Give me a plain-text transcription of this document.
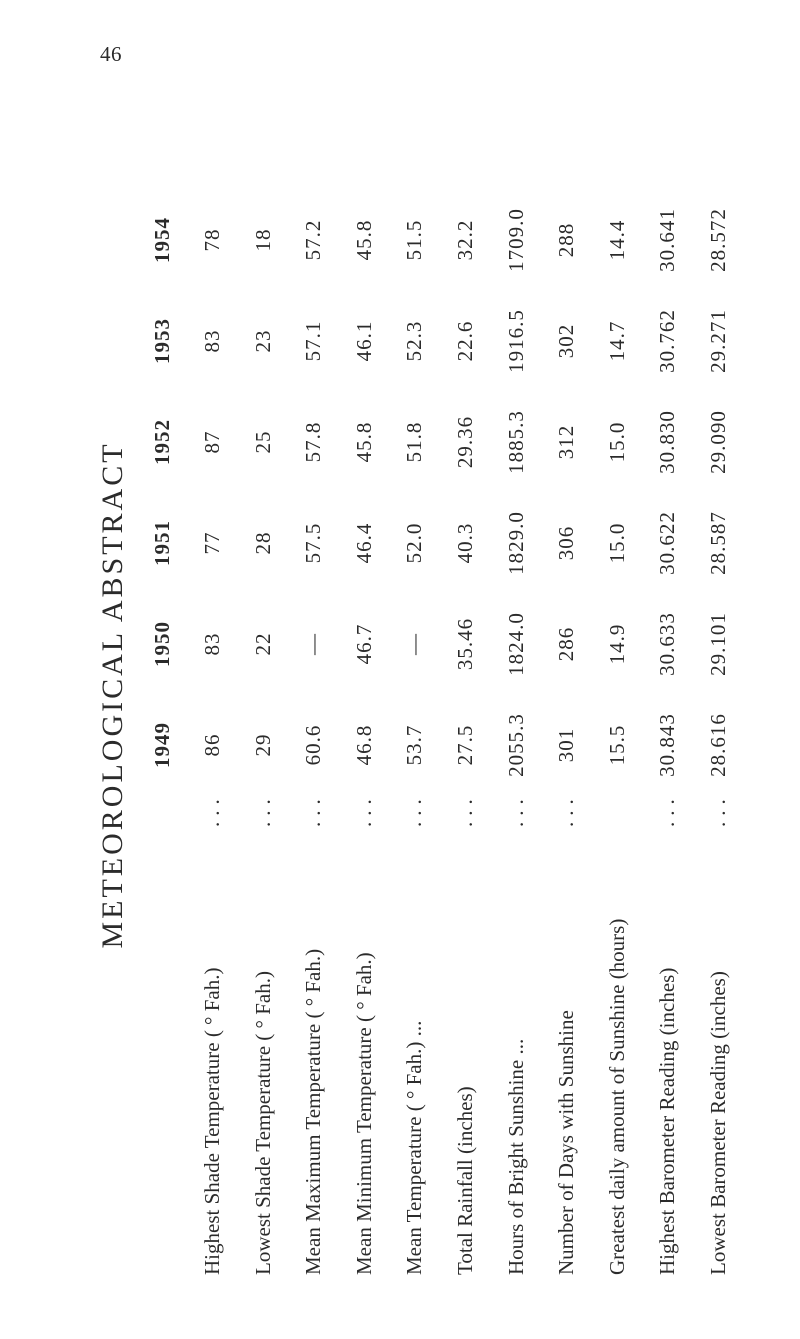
46
METEOROLOGICAL ABSTRACT 1949
1950
1951
1952
1953
1954
Highest Shade Temperature ( ° Fah.)
...
86
83
77
87
83
78
Lowest Shade Temperature ( ° Fah.)
...
29
22
28
25
23
18
Mean Maximum Temperature ( ° Fah.)
...
60.6
—
57.5
57.8
57.1
57.2
Mean Minimum Temperature ( ° Fah.)
...
46.8
46.7
46.4
45.8
46.1
45.8
Mean Temperature ( ° Fah.) ...
...
53.7
—
52.0
51.8
52.3
51.5
Total Rainfall (inches)
...
27.5
35.46
40.3
29.36
22.6
32.2
Hours of Bright Sunshine ...
...
2055.3
1824.0
1829.0
1885.3
1916.5
1709.0
Number of Days with Sunshine
...
301
286
306
312
302
288
Greatest daily amount of Sunshine (hours)
15.5
14.9
15.0
15.0
14.7
14.4
Highest Barometer Reading (inches)
...
30.843
30.633
30.622
30.830
30.762
30.641
Lowest Barometer Reading (inches)
...
28.616
29.101
28.587
29.090
29.271
28.572
